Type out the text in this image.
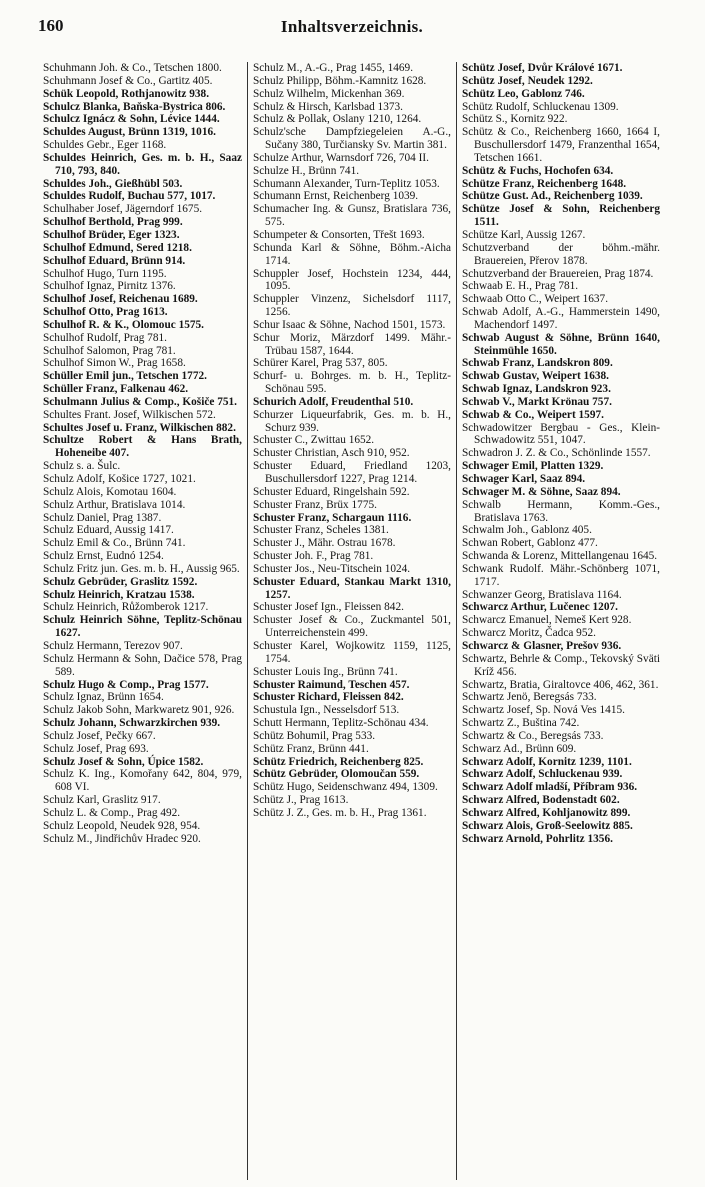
160	Inhaltsverzeichnis.

Schuhmann Joh. & Co., Tetschen 1800.

Schuhmann Josef & Co., Gartitz 405.

Schük Leopold, Rothjanowitz 938.

Schulcz Blanka, Baňska-Bystrica 806.

Schulcz Ignácz & Sohn, Lévice 1444.

Schuldes August, Brünn 1319, 1016.

Schuldes Gebr., Eger 1168.

Schuldes Heinrich, Ges. m. b. H., Saaz 710, 793, 840.

Schuldes Joh., Gießhübl 503.

Schuldes Rudolf, Buchau 577, 1017.

Schulhaber Josef, Jägerndorf 1675.

Schulhof Berthold, Prag 999.

Schulhof Brüder, Eger 1323.

Schulhof Edmund, Sered 1218.

Schulhof Eduard, Brünn 914.

Schulhof Hugo, Turn 1195.

Schulhof Ignaz, Pirnitz 1376.

Schulhof Josef, Reichenau 1689.

Schulhof Otto, Prag 1613.

Schulhof R. & K., Olomouc 1575.

Schulhof Rudolf, Prag 781.

Schulhof Salomon, Prag 781.

Schulhof Simon W., Prag 1658.

Schüller Emil jun., Tetschen 1772.

Schüller Franz, Falkenau 462.

Schulmann Julius & Comp., Košiče 751.

Schultes Frant. Josef, Wilkischen 572.

Schultes Josef u. Franz, Wilkischen 882.

Schultze Robert & Hans Brath, Hoheneibe 407.

Schulz s. a. Šulc.

Schulz Adolf, Košice 1727, 1021.

Schulz Alois, Komotau 1604.

Schulz Arthur, Bratislava 1014.

Schulz Daniel, Prag 1387.

Schulz Eduard, Aussig 1417.

Schulz Emil & Co., Brünn 741.

Schulz Ernst, Eudnó 1254.

Schulz Fritz jun. Ges. m. b. H., Aussig 965.

Schulz Gebrüder, Graslitz 1592.

Schulz Heinrich, Kratzau 1538.

Schulz Heinrich, Růžomberok 1217.

Schulz Heinrich Söhne, Teplitz-Schönau 1627.

Schulz Hermann, Terezov 907.

Schulz Hermann & Sohn, Dačice 578, Prag 589.

Schulz Hugo & Comp., Prag 1577.

Schulz Ignaz, Brünn 1654.

Schulz Jakob Sohn, Markwaretz 901, 926.

Schulz Johann, Schwarzkirchen 939.

Schulz Josef, Pečky 667.

Schulz Josef, Prag 693.

Schulz Josef & Sohn, Úpice 1582.

Schulz K. Ing., Komořany 642, 804, 979, 608 VI.

Schulz Karl, Graslitz 917.

Schulz L. & Comp., Prag 492.

Schulz Leopold, Neudek 928, 954.

Schulz M., Jindřichův Hradec 920.

Schulz M., A.-G., Prag 1455, 1469.

Schulz Philipp, Böhm.-Kamnitz 1628.

Schulz Wilhelm, Mickenhan 369.

Schulz & Hirsch, Karlsbad 1373.

Schulz & Pollak, Oslany 1210, 1264.

Schulz'sche Dampfziegeleien A.-G., Sučany 380, Turčiansky Sv. Martin 381.

Schulze Arthur, Warnsdorf 726, 704 II.

Schulze H., Brünn 741.

Schumann Alexander, Turn-Teplitz 1053.

Schumann Ernst, Reichenberg 1039.

Schumacher Ing. & Gunsz, Bratislara 736, 575.

Schumpeter & Consorten, Třešt 1693.

Schunda Karl & Söhne, Böhm.-Aicha 1714.

Schuppler Josef, Hochstein 1234, 444, 1095.

Schuppler Vinzenz, Sichelsdorf 1117, 1256.

Schur Isaac & Söhne, Nachod 1501, 1573.

Schur Moriz, Märzdorf 1499. Mähr.-Trübau 1587, 1644.

Schürer Karel, Prag 537, 805.

Schurf- u. Bohrges. m. b. H., Teplitz-Schönau 595.

Schurich Adolf, Freudenthal 510.

Schurzer Liqueurfabrik, Ges. m. b. H., Schurz 939.

Schuster C., Zwittau 1652.

Schuster Christian, Asch 910, 952.

Schuster Eduard, Friedland 1203, Buschullersdorf 1227, Prag 1214.

Schuster Eduard, Ringelshain 592.

Schuster Franz, Brüx 1775.

Schuster Franz, Schargaun 1116.

Schuster Franz, Scheles 1381.

Schuster J., Mähr. Ostrau 1678.

Schuster Joh. F., Prag 781.

Schuster Jos., Neu-Titschein 1024.

Schuster Eduard, Stankau Markt 1310, 1257.

Schuster Josef Ign., Fleissen 842.

Schuster Josef & Co., Zuckmantel 501, Unterreichenstein 499.

Schuster Karel, Wojkowitz 1159, 1125, 1754.

Schuster Louis Ing., Brünn 741.

Schuster Raimund, Teschen 457.

Schuster Richard, Fleissen 842.

Schustula Ign., Nesselsdorf 513.

Schutt Hermann, Teplitz-Schönau 434.

Schütz Bohumil, Prag 533.

Schütz Franz, Brünn 441.

Schütz Friedrich, Reichenberg 825.

Schütz Gebrüder, Olomoučan 559.

Schütz Hugo, Seidenschwanz 494, 1309.

Schütz J., Prag 1613.

Schütz J. Z., Ges. m. b. H., Prag 1361.

Schütz Josef, Dvůr Králové 1671.

Schütz Josef, Neudek 1292.

Schütz Leo, Gablonz 746.

Schütz Rudolf, Schluckenau 1309.

Schütz S., Kornitz 922.

Schütz & Co., Reichenberg 1660, 1664 I, Buschullersdorf 1479, Franzenthal 1654, Tetschen 1661.

Schütz & Fuchs, Hochofen 634.

Schütze Franz, Reichenberg 1648.

Schütze Gust. Ad., Reichenberg 1039.

Schütze Josef & Sohn, Reichenberg 1511.

Schütze Karl, Aussig 1267.

Schutzverband der böhm.-mähr. Brauereien, Přerov 1878.

Schutzverband der Brauereien, Prag 1874.

Schwaab E. H., Prag 781.

Schwaab Otto C., Weipert 1637.

Schwab Adolf, A.-G., Hammerstein 1490, Machendorf 1497.

Schwab August & Söhne, Brünn 1640, Steinmühle 1650.

Schwab Franz, Landskron 809.

Schwab Gustav, Weipert 1638.

Schwab Ignaz, Landskron 923.

Schwab V., Markt Krönau 757.

Schwab & Co., Weipert 1597.

Schwadowitzer Bergbau - Ges., Klein-Schwadowitz 551, 1047.

Schwadron J. Z. & Co., Schönlinde 1557.

Schwager Emil, Platten 1329.

Schwager Karl, Saaz 894.

Schwager M. & Söhne, Saaz 894.

Schwalb Hermann, Komm.-Ges., Bratislava 1763.

Schwalm Joh., Gablonz 405.

Schwan Robert, Gablonz 477.

Schwanda & Lorenz, Mittellangenau 1645.

Schwank Rudolf. Mähr.-Schönberg 1071, 1717.

Schwanzer Georg, Bratislava 1164.

Schwarcz Arthur, Lučenec 1207.

Schwarcz Emanuel, Nemeš Kert 928.

Schwarcz Moritz, Čadca 952.

Schwarcz & Glasner, Prešov 936.

Schwartz, Behrle & Comp., Tekovský Sväti Kríž 456.

Schwartz, Bratia, Giraltovce 406, 462, 361.

Schwartz Jenö, Beregsás 733.

Schwartz Josef, Sp. Nová Ves 1415.

Schwartz Z., Buština 742.

Schwartz & Co., Beregsás 733.

Schwarz Ad., Brünn 609.

Schwarz Adolf, Kornitz 1239, 1101.

Schwarz Adolf, Schluckenau 939.

Schwarz Adolf mladší, Příbram 936.

Schwarz Alfred, Bodenstadt 602.

Schwarz Alfred, Kohljanowitz 899.

Schwarz Alois, Groß-Seelowitz 885.

Schwarz Arnold, Pohrlitz 1356.
